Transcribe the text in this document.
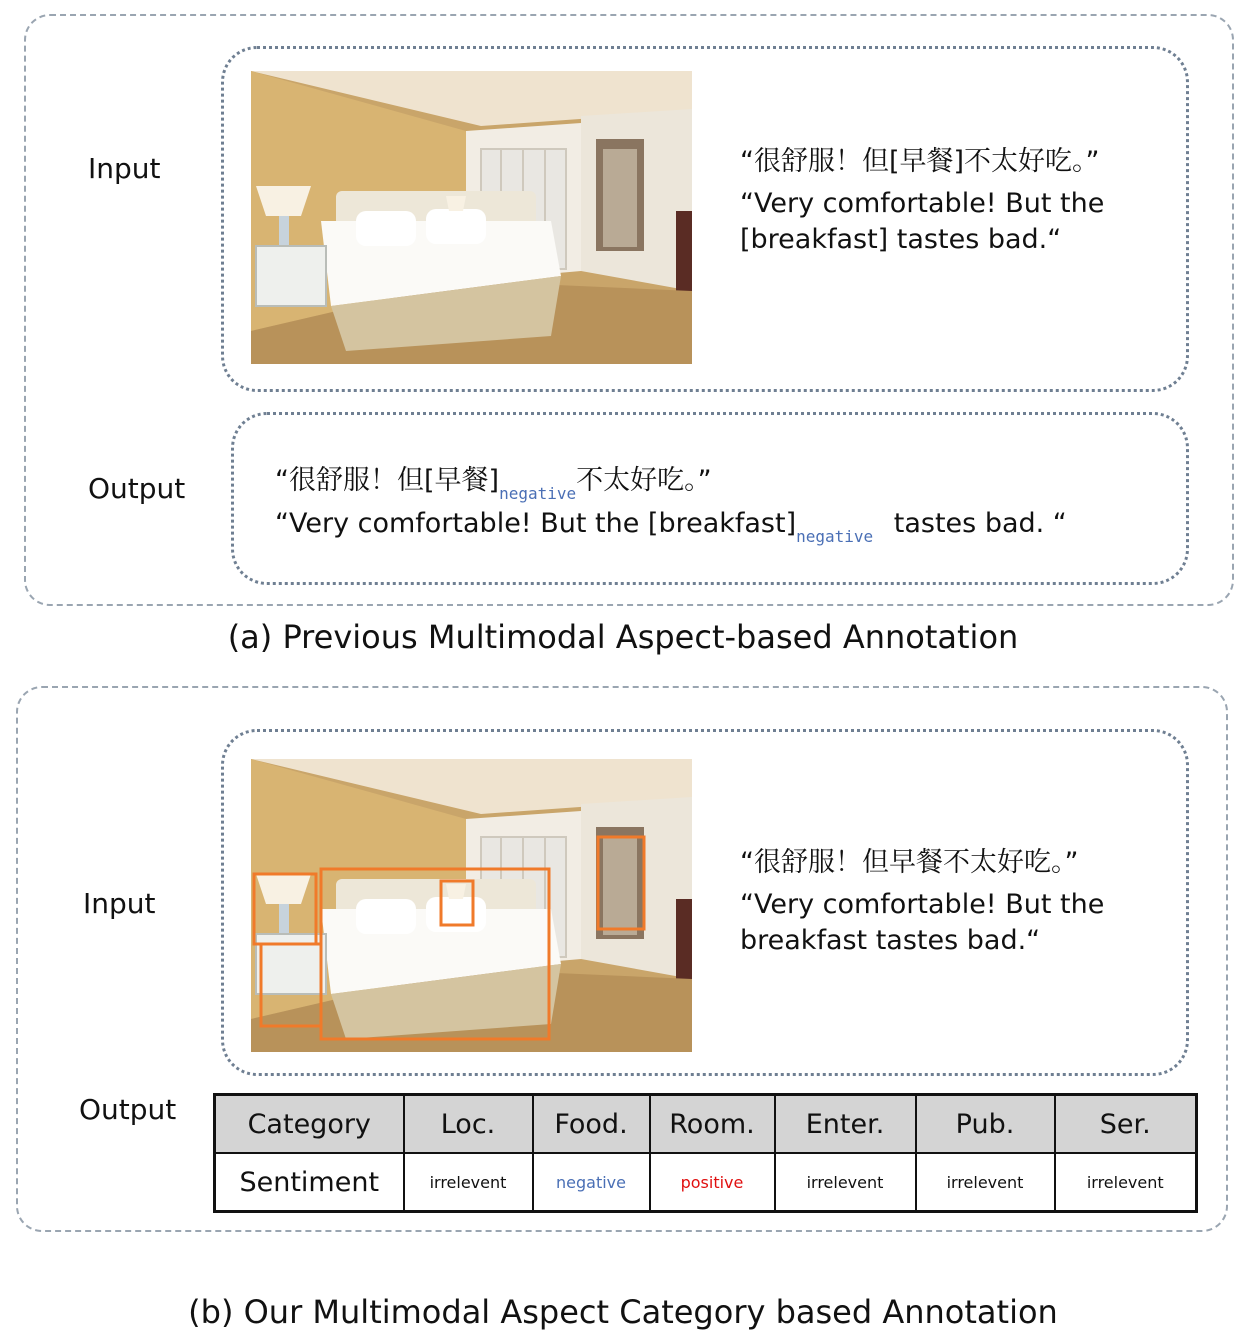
Input
Output
“很舒服！但[早餐]不太好吃。”
“Very comfortable! But the
[breakfast] tastes bad.“
“很舒服！但[早餐]$_{negative}$不太好吃。”
“Very comfortable! But the $[breakfast]_{negative}$ tastes bad. “
(a) Previous Multimodal Aspect-based Annotation
Input
Output
“很舒服！但早餐不太好吃。”
“Very comfortable! But the
breakfast tastes bad.“
Category	Loc.	Food.	Room.	Enter.	Pub.	Ser.
Sentiment	irrelevent	negative	positive	irrelevent	irrelevent	irrelevent
(b) Our Multimodal Aspect Category based Annotation
